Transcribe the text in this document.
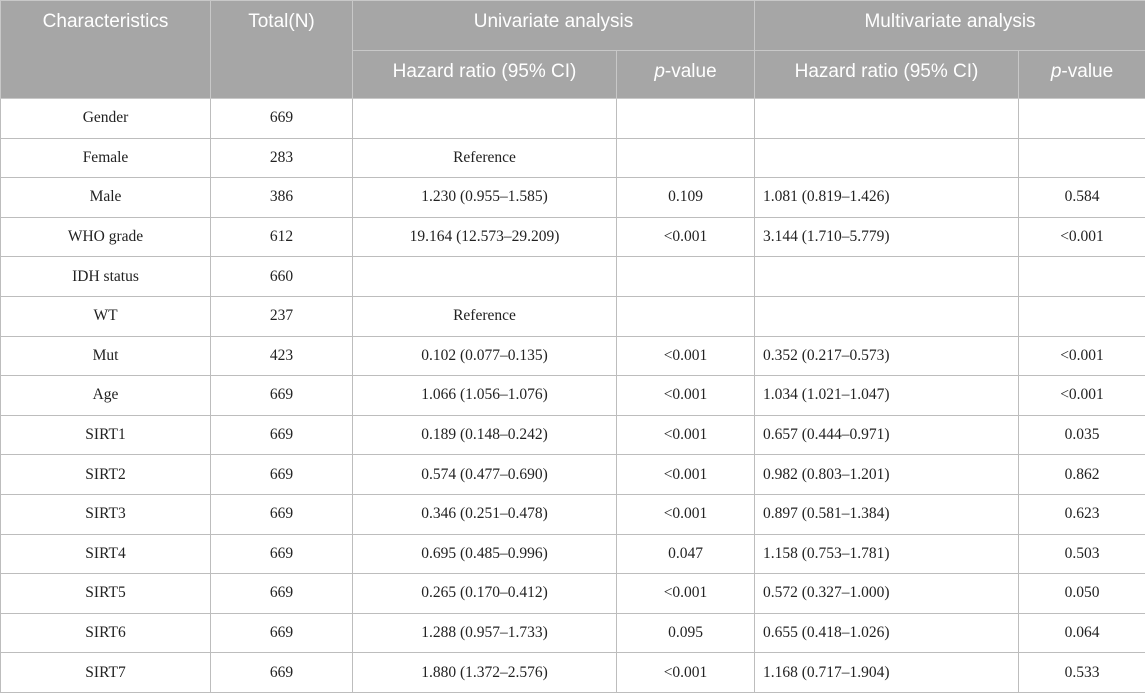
Characteristics	Total(N)	Univariate analysis		Multivariate analysis	
		Hazard ratio (95% CI)	p-value	Hazard ratio (95% CI)	p-value
Gender	669				
Female	283	Reference			
Male	386	1.230 (0.955–1.585)	0.109	1.081 (0.819–1.426)	0.584
WHO grade	612	19.164 (12.573–29.209)	<0.001	3.144 (1.710–5.779)	<0.001
IDH status	660				
WT	237	Reference			
Mut	423	0.102 (0.077–0.135)	<0.001	0.352 (0.217–0.573)	<0.001
Age	669	1.066 (1.056–1.076)	<0.001	1.034 (1.021–1.047)	<0.001
SIRT1	669	0.189 (0.148–0.242)	<0.001	0.657 (0.444–0.971)	0.035
SIRT2	669	0.574 (0.477–0.690)	<0.001	0.982 (0.803–1.201)	0.862
SIRT3	669	0.346 (0.251–0.478)	<0.001	0.897 (0.581–1.384)	0.623
SIRT4	669	0.695 (0.485–0.996)	0.047	1.158 (0.753–1.781)	0.503
SIRT5	669	0.265 (0.170–0.412)	<0.001	0.572 (0.327–1.000)	0.050
SIRT6	669	1.288 (0.957–1.733)	0.095	0.655 (0.418–1.026)	0.064
SIRT7	669	1.880 (1.372–2.576)	<0.001	1.168 (0.717–1.904)	0.533
